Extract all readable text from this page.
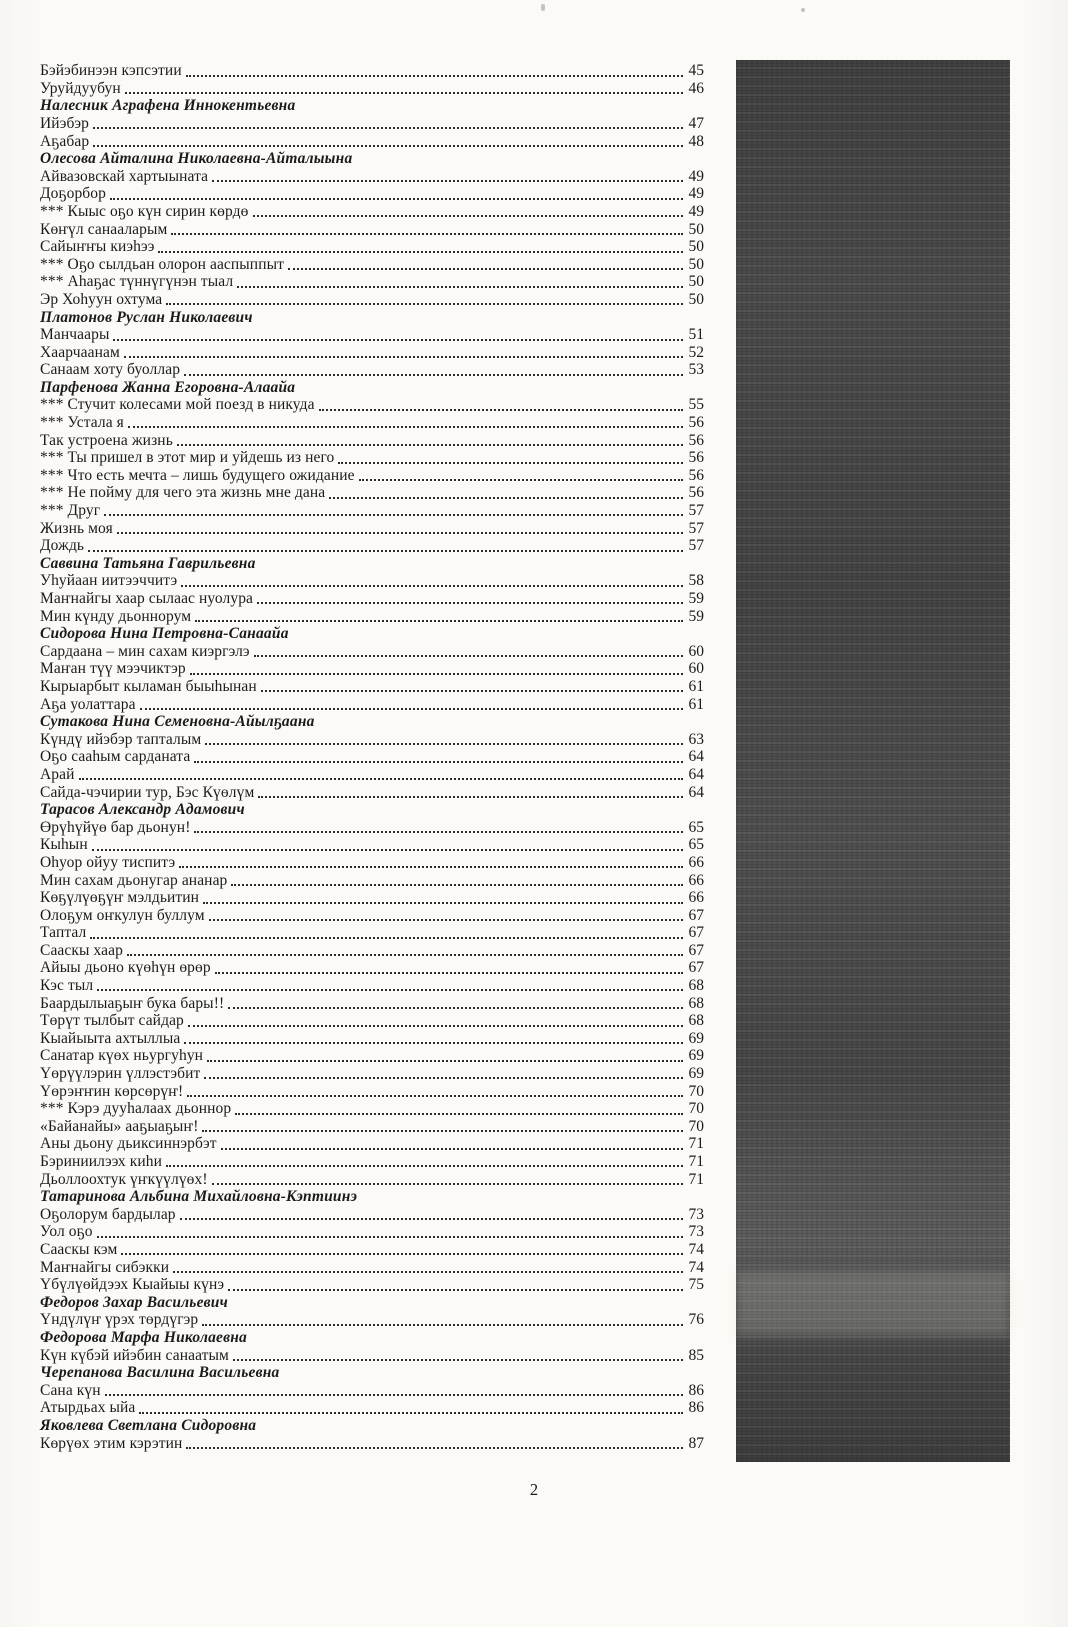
Бэйэбинээн кэпсэтии	45
Уруйдуубун	46
Налесник Аграфена Иннокентьевна
Ийэбэр	47
Аҕабар	48
Олесова Айталина Николаевна-Айталыына
Айвазовскай хартыыната	49
Доҕорбор	49
*** Кыыс оҕо күн сирин көрдө	49
Көҥүл санааларым	50
Сайыҥҥы киэһээ	50
*** Оҕо сылдьан олорон ааспыппыт	50
*** Аһаҕас түннүгүнэн тыал	50
Эр Хоһуун охтума	50
Платонов Руслан Николаевич
Манчаары	51
Хаарчаанам	52
Санаам хоту буоллар	53
Парфенова Жанна Егоровна-Алаайа
*** Стучит колесами мой поезд в никуда	55
*** Устала я	56
Так устроена жизнь	56
*** Ты пришел в этот мир и уйдешь из него	56
*** Что есть мечта – лишь будущего ожидание	56
*** Не пойму для чего эта жизнь мне дана	56
*** Друг	57
Жизнь моя	57
Дождь	57
Саввина Татьяна Гаврильевна
Уһуйаан иитээччитэ	58
Маҥнайгы хаар сылаас нуолура	59
Мин күнду дьоннорум	59
Сидорова Нина Петровна-Санаайа
Сардаана – мин сахам киэргэлэ	60
Маҥан түү мээчиктэр	60
Кырыарбыт кыламан быыһынан	61
Аҕа уолаттара	61
Сутакова Нина Семеновна-Айылҕаана
Күндү ийэбэр тапталым	63
Оҕо сааһым сарданата	64
Арай	64
Сайда-чэчирии тур, Бэс Күөлүм	64
Тарасов Александр Адамович
Өрүһүйүө бар дьонун!	65
Кыһын	65
Оһуор ойуу тиспитэ	66
Мин сахам дьонугар ананар	66
Көҕүлүөҕүҥ мэлдьитин	66
Олоҕум оҥкулун буллум	67
Таптал	67
Сааскы хаар	67
Айыы дьоно күөһүн өрөр	67
Кэс тыл	68
Баардылыаҕыҥ бука бары!!	68
Төрүт тылбыт сайдар	68
Кыайыыта ахтыллыа	69
Санатар күөх ньургуһун	69
Үөрүүлэрин үллэстэбит	69
Үөрэҥҥин көрсөрүҥ!	70
*** Кэрэ дууһалаах дьоннор	70
«Байанайы» ааҕыаҕыҥ!	70
Аны дьону дьиксиннэрбэт	71
Бэриниилээх киһи	71
Дьоллоохтук үҥкүүлүөх!	71
Татаринова Альбина Михайловна-Кэптиинэ
Оҕолорум бардылар	73
Уол оҕо	73
Сааскы кэм	74
Маҥнайгы сибэкки	74
Үбүлүөйдээх Кыайыы күнэ	75
Федоров Захар Васильевич
Үндүлүҥ үрэх төрдүгэр	76
Федорова Марфа Николаевна
Күн күбэй ийэбин санаатым	85
Черепанова Василина Васильевна
Сана күн	86
Атырдьах ыйа	86
Яковлева Светлана Сидоровна
Көрүөх этим кэрэтин	87
2
